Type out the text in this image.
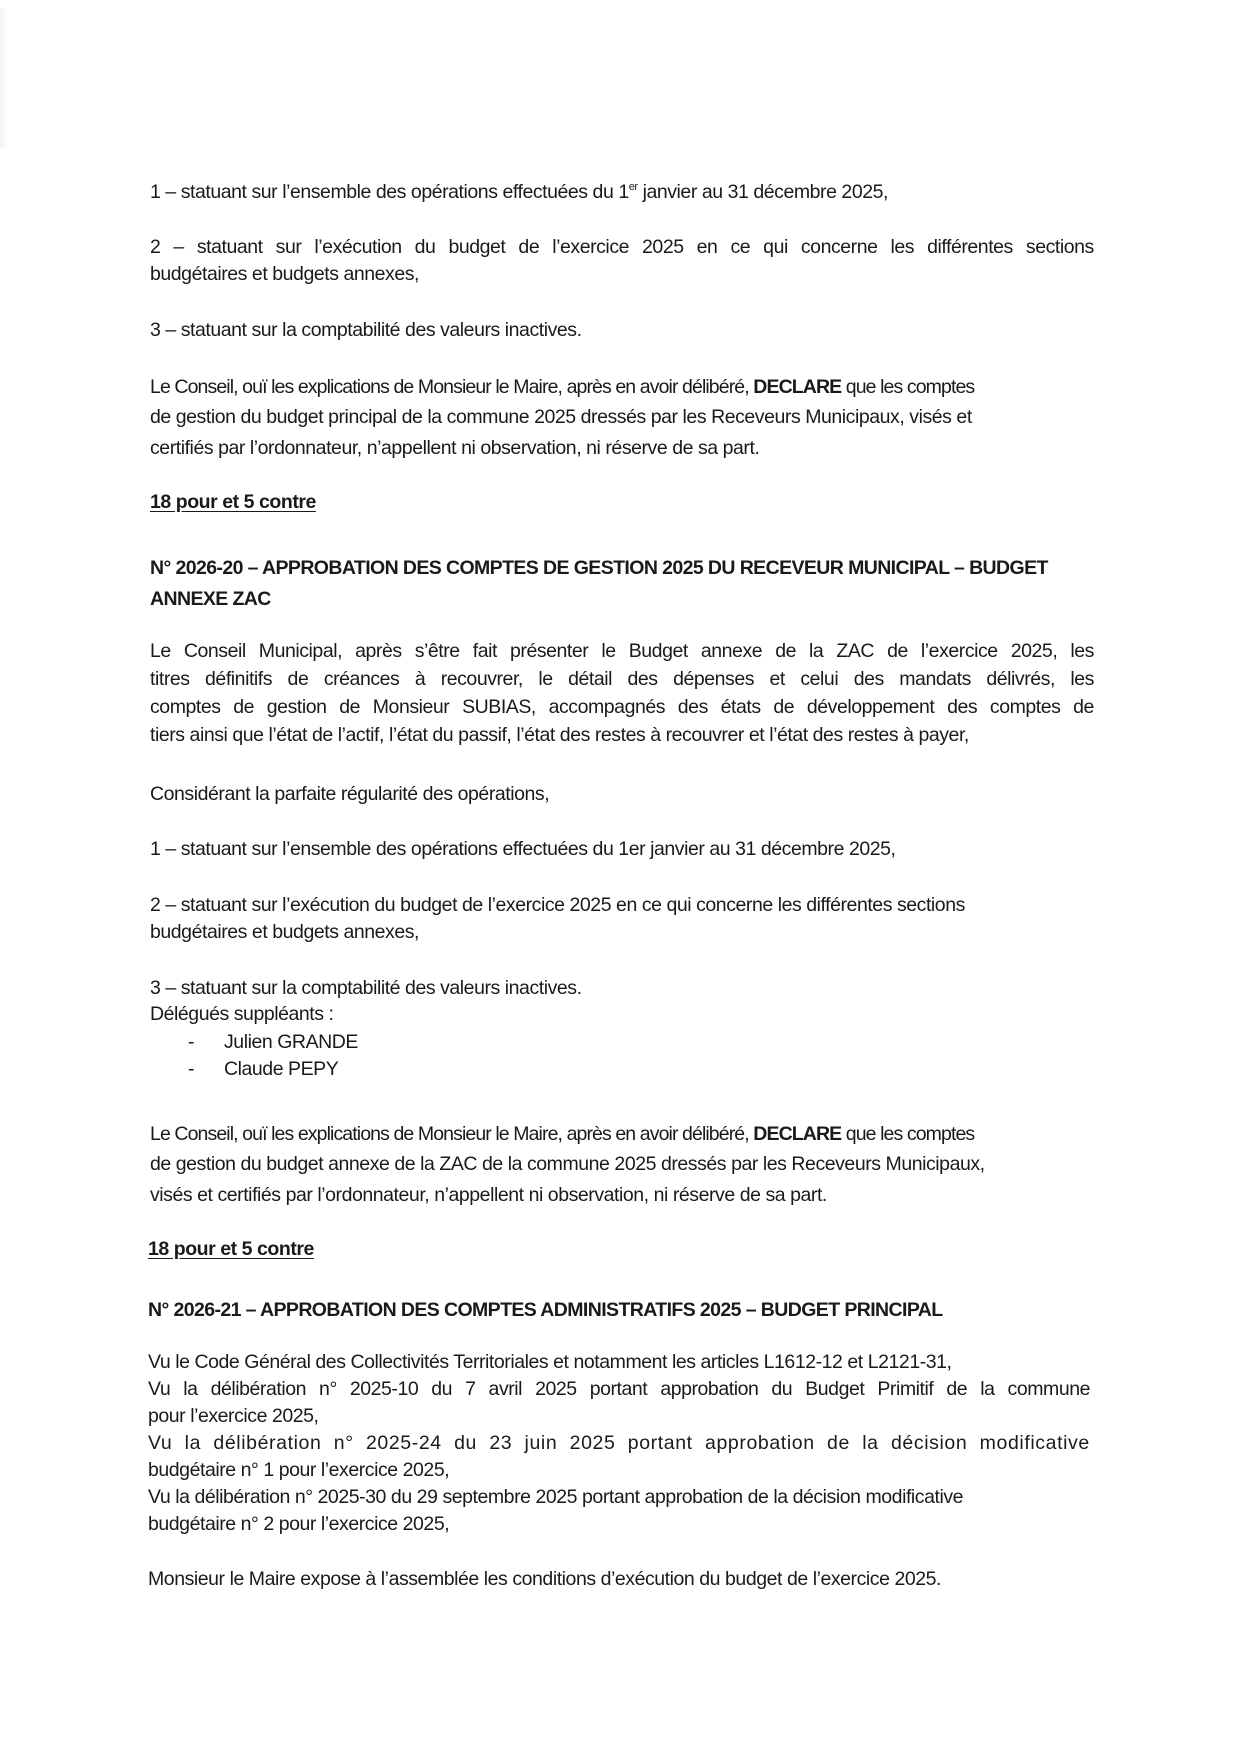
1 – statuant sur l’ensemble des opérations effectuées du 1er janvier au 31 décembre 2025,
2 – statuant sur l’exécution du budget de l’exercice 2025 en ce qui concerne les différentes sections
budgétaires et budgets annexes,
3 – statuant sur la comptabilité des valeurs inactives.
Le Conseil, ouï les explications de Monsieur le Maire, après en avoir délibéré, DECLARE que les comptes
de gestion du budget principal de la commune 2025 dressés par les Receveurs Municipaux, visés et
certifiés par l’ordonnateur, n’appellent ni observation, ni réserve de sa part.
18 pour et 5 contre
N° 2026-20 – APPROBATION DES COMPTES DE GESTION 2025 DU RECEVEUR MUNICIPAL – BUDGET
ANNEXE ZAC
Le Conseil Municipal, après s’être fait présenter le Budget annexe de la ZAC de l’exercice 2025, les
titres définitifs de créances à recouvrer, le détail des dépenses et celui des mandats délivrés, les
comptes de gestion de Monsieur SUBIAS, accompagnés des états de développement des comptes de
tiers ainsi que l’état de l’actif, l’état du passif, l’état des restes à recouvrer et l’état des restes à payer,
Considérant la parfaite régularité des opérations,
1 – statuant sur l’ensemble des opérations effectuées du 1er janvier au 31 décembre 2025,
2 – statuant sur l’exécution du budget de l’exercice 2025 en ce qui concerne les différentes sections
budgétaires et budgets annexes,
3 – statuant sur la comptabilité des valeurs inactives.
Délégués suppléants :
- Julien GRANDE
- Claude PEPY
Le Conseil, ouï les explications de Monsieur le Maire, après en avoir délibéré, DECLARE que les comptes
de gestion du budget annexe de la ZAC de la commune 2025 dressés par les Receveurs Municipaux,
visés et certifiés par l’ordonnateur, n’appellent ni observation, ni réserve de sa part.
18 pour et 5 contre
N° 2026-21 – APPROBATION DES COMPTES ADMINISTRATIFS 2025 – BUDGET PRINCIPAL
Vu le Code Général des Collectivités Territoriales et notamment les articles L1612-12 et L2121-31,
Vu la délibération n° 2025-10 du 7 avril 2025 portant approbation du Budget Primitif de la commune
pour l’exercice 2025,
Vu la délibération n° 2025-24 du 23 juin 2025 portant approbation de la décision modificative
budgétaire n° 1 pour l’exercice 2025,
Vu la délibération n° 2025-30 du 29 septembre 2025 portant approbation de la décision modificative
budgétaire n° 2 pour l’exercice 2025,
Monsieur le Maire expose à l’assemblée les conditions d’exécution du budget de l’exercice 2025.
